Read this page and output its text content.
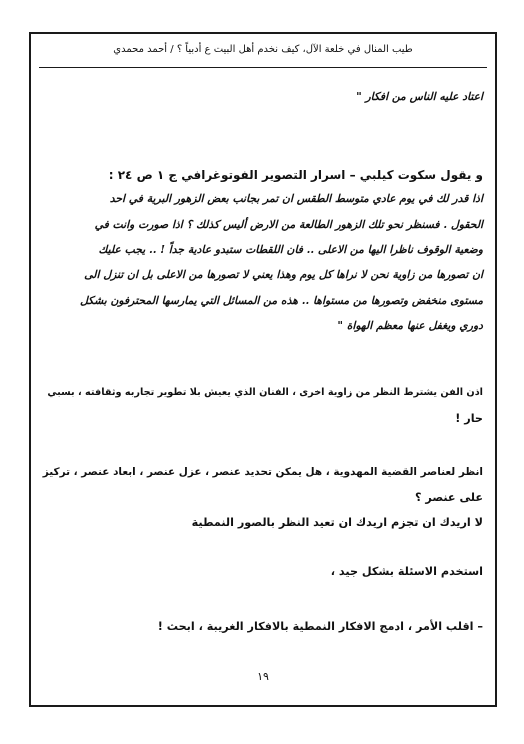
طيب المنال في خلعة الآل، كيف نخدم أهل البيت ع أدبياً ؟ / أحمد محمدي
اعتاد عليه الناس من افكار "
و يقول سكوت كيلبي – اسرار التصوير الفوتوغرافي ج ١ ص ٢٤ :
اذا قدر لك في يوم عادي متوسط الطقس ان تمر بجانب بعض الزهور البرية في احد
الحقول . فسنظر نحو تلك الزهور الطالعة من الارض أليس كذلك ؟ اذا صورت وانت في
وضعية الوقوف ناظرا اليها من الاعلى .. فان اللقطات ستبدو عادية جداً ! .. يجب عليك
ان تصورها من زاوية نحن لا نراها كل يوم وهذا يعني لا تصورها من الاعلى بل ان تنزل الى
مستوى منخفض وتصورها من مستواها .. هذه من المسائل التي يمارسها المحترفون بشكل
دوري ويغفل عنها معظم الهواة "
اذن الفن يشترط النظر من زاوية اخرى ، الفنان الذي يعيش بلا تطوير تجاربه وثقافته ، بسبي
حار !
انظر لعناصر القضية المهدوية ، هل يمكن تحديد عنصر ، عزل عنصر ، ابعاد عنصر ، تركيز
على عنصر ؟
لا اريدك ان تجزم اريدك ان تعيد النظر بالصور النمطية
استخدم الاسئلة بشكل جيد ،
– اقلب الأمر ، ادمج الافكار النمطية بالافكار الغريبة ، ابحث !
١٩
